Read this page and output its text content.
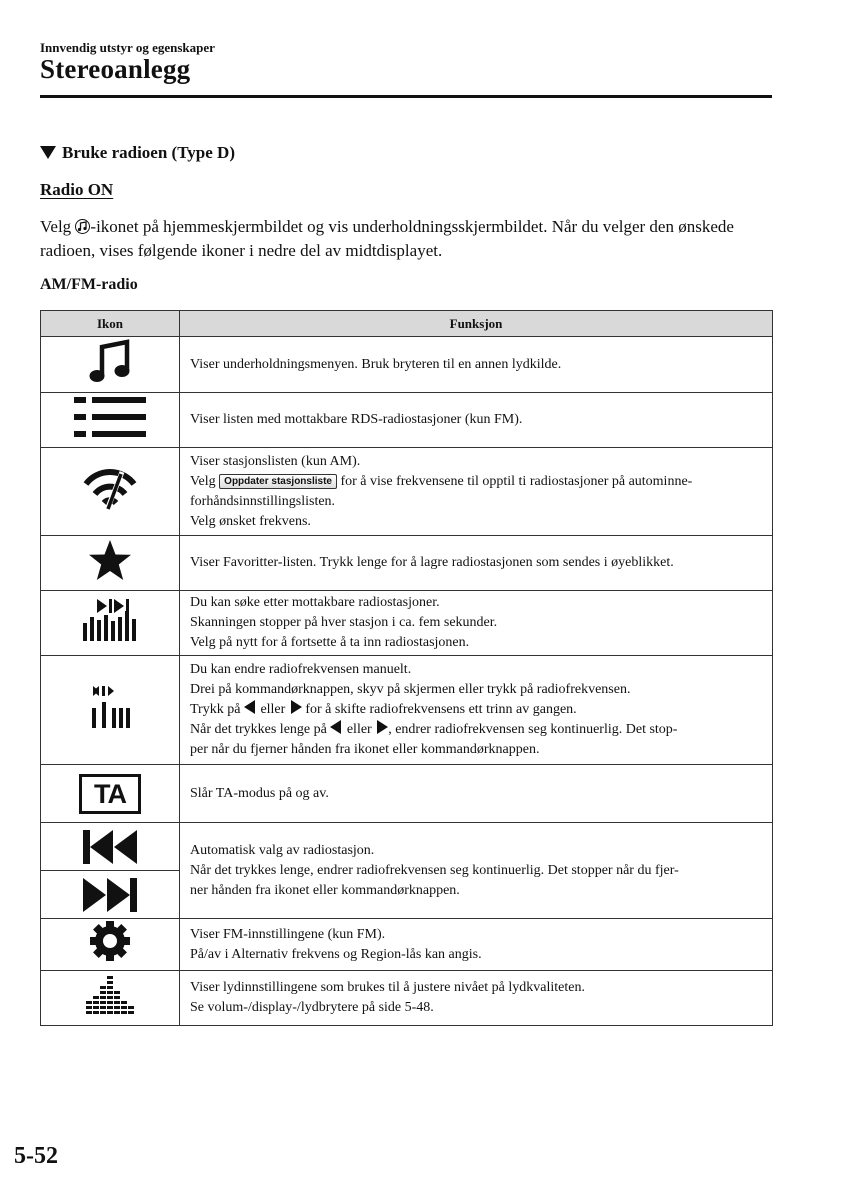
Innvendig utstyr og egenskaper
Stereoanlegg
Bruke radioen (Type D)
Radio ON
Velg
-ikonet på hjemmeskjermbildet og vis underholdningsskjermbildet. Når du velger den ønskede radioen, vises følgende ikoner i nedre del av midtdisplayet.
AM/FM-radio
Ikon	Funksjon

Viser underholdningsmenyen. Bruk bryteren til en annen lydkilde.

Viser listen med mottakbare RDS-radiostasjoner (kun FM).

Viser stasjonslisten (kun AM).
Velg Oppdater stasjonsliste for å vise frekvensene til opptil ti radiostasjoner på autominne-
forhåndsinnstillingslisten.
Velg ønsket frekvens.

Viser Favoritter-listen. Trykk lenge for å lagre radiostasjonen som sendes i øyeblikket.

Du kan søke etter mottakbare radiostasjoner.
Skanningen stopper på hver stasjon i ca. fem sekunder.
Velg på nytt for å fortsette å ta inn radiostasjonen.

Du kan endre radiofrekvensen manuelt.
Drei på kommandørknappen, skyv på skjermen eller trykk på radiofrekvensen.
Trykk på  eller  for å skifte radiofrekvensens ett trinn av gangen.
Når det trykkes lenge på  eller , endrer radiofrekvensen seg kontinuerlig. Det stop-
per når du fjerner hånden fra ikonet eller kommandørknappen.

TA	Slår TA-modus på og av.

Automatisk valg av radiostasjon.
Når det trykkes lenge, endrer radiofrekvensen seg kontinuerlig. Det stopper når du fjer-
ner hånden fra ikonet eller kommandørknappen.

Viser FM-innstillingene (kun FM).
På/av i Alternativ frekvens og Region-lås kan angis.

Viser lydinnstillingene som brukes til å justere nivået på lydkvaliteten.
Se volum-/display-/lydbrytere på side 5-48.
5-52
